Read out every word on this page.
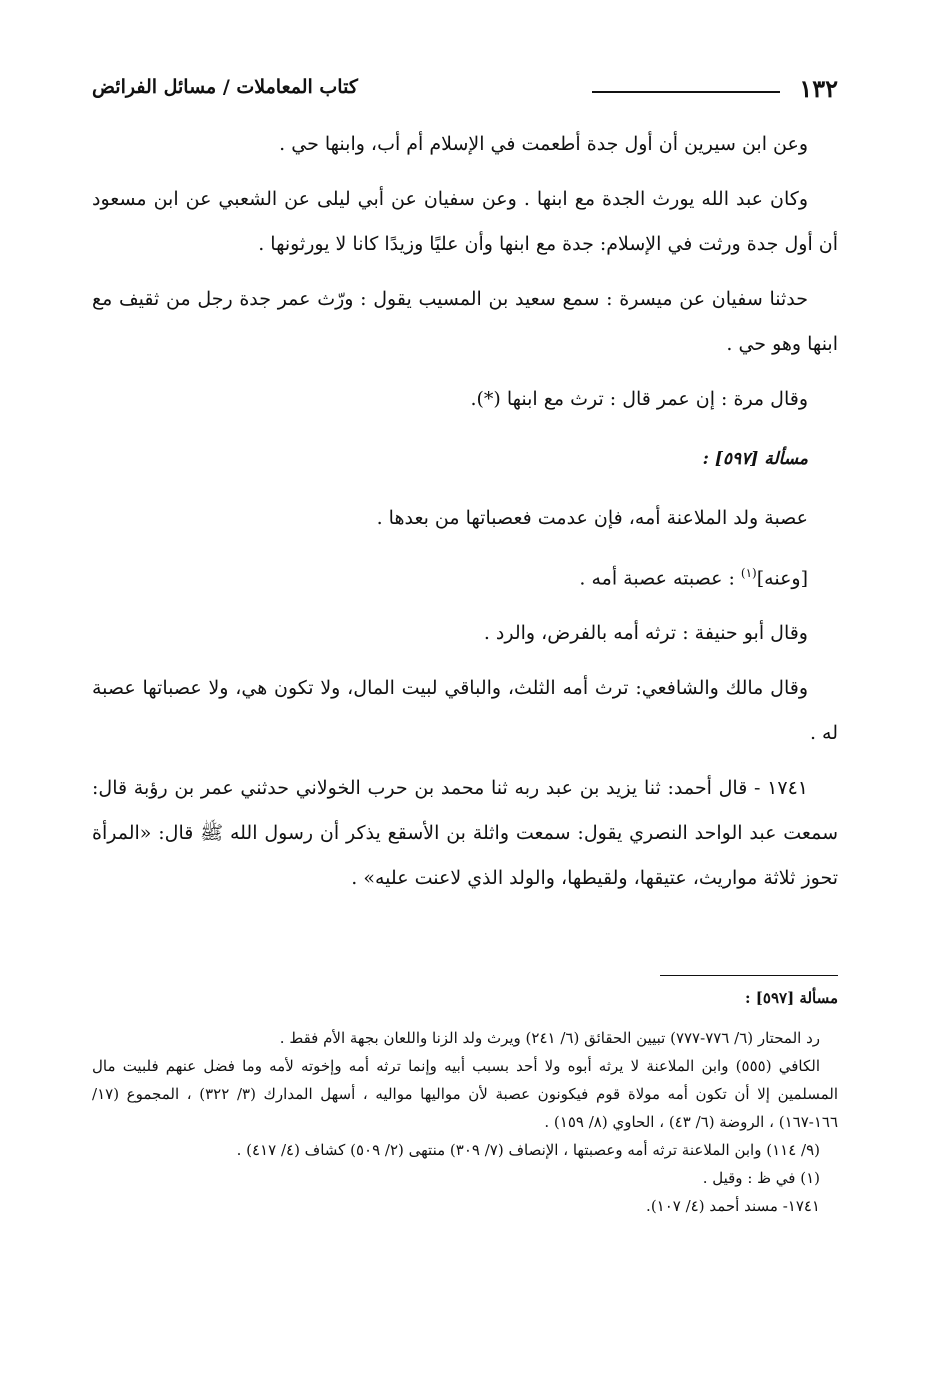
١٣٢
كتاب المعاملات / مسائل الفرائض

وعن ابن سيرين أن أول جدة أطعمت في الإسلام أم أب، وابنها حي .

وكان عبد الله يورث الجدة مع ابنها . وعن سفيان عن أبي ليلى عن الشعبي عن ابن مسعود أن أول جدة ورثت في الإسلام: جدة مع ابنها وأن عليًا وزيدًا كانا لا يورثونها .

حدثنا سفيان عن ميسرة : سمع سعيد بن المسيب يقول : ورّث عمر جدة رجل من ثقيف مع ابنها وهو حي .

وقال مرة : إن عمر قال : ترث مع ابنها (*).

مسألة [٥٩٧] :

عصبة ولد الملاعنة أمه، فإن عدمت فعصباتها من بعدها .

[وعنه]$^{(١)}$ : عصبته عصبة أمه .

وقال أبو حنيفة : ترثه أمه بالفرض، والرد .

وقال مالك والشافعي: ترث أمه الثلث، والباقي لبيت المال، ولا تكون هي، ولا عصباتها عصبة له .

١٧٤١ - قال أحمد: ثنا يزيد بن عبد ربه ثنا محمد بن حرب الخولاني حدثني عمر بن رؤبة قال: سمعت عبد الواحد النصري يقول: سمعت واثلة بن الأسقع يذكر أن رسول الله ﷺ قال: «المرأة تحوز ثلاثة مواريث، عتيقها، ولقيطها، والولد الذي لاعنت عليه» .

مسألة [٥٩٧] :

رد المحتار (٦/ ٧٧٦-٧٧٧) تبيين الحقائق (٦/ ٢٤١) ويرث ولد الزنا واللعان بجهة الأم فقط .

الكافي (٥٥٥) وابن الملاعنة لا يرثه أبوه ولا أحد بسبب أبيه وإنما ترثه أمه وإخوته لأمه وما فضل عنهم فلبيت مال المسلمين إلا أن تكون أمه مولاة قوم فيكونون عصبة لأن مواليها مواليه ، أسهل المدارك (٣/ ٣٢٢) ، المجموع (١٧/ ١٦٦-١٦٧) ، الروضة (٦/ ٤٣) ، الحاوي (٨/ ١٥٩) .

(٩/ ١١٤) وابن الملاعنة ترثه أمه وعصبتها ، الإنصاف (٧/ ٣٠٩) منتهى (٢/ ٥٠٩) كشاف (٤/ ٤١٧) .

(١) في ظ : وقيل .

١٧٤١- مسند أحمد (٤/ ١٠٧).
